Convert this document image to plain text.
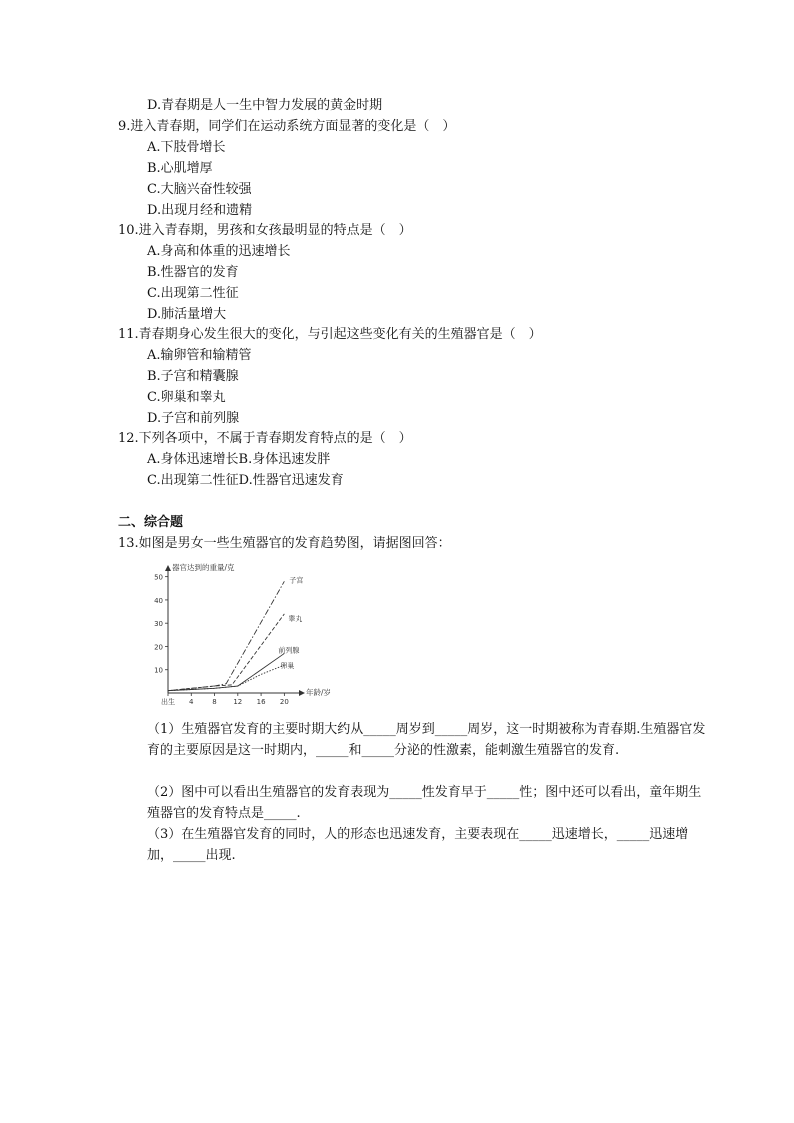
D.青春期是人一生中智力发展的黄金时期
9.进入青春期，同学们在运动系统方面显著的变化是（　）
A.下肢骨增长
B.心肌增厚
C.大脑兴奋性较强
D.出现月经和遗精
10.进入青春期，男孩和女孩最明显的特点是（　）
A.身高和体重的迅速增长
B.性器官的发育
C.出现第二性征
D.肺活量增大
11.青春期身心发生很大的变化，与引起这些变化有关的生殖器官是（　）
A.输卵管和输精管
B.子宫和精囊腺
C.卵巢和睾丸
D.子宫和前列腺
12.下列各项中，不属于青春期发育特点的是（　）
A.身体迅速增长B.身体迅速发胖
C.出现第二性征D.性器官迅速发育
二、综合题
13.如图是男女一些生殖器官的发育趋势图，请据图回答：
10
20
30
40
50
出生 4	8 12 16 20
器官达到的重量/克
年龄/岁
子宫
睾丸
前列腺
卵巢
（1）生殖器官发育的主要时期大约从_____周岁到_____周岁，这一时期被称为青春期.生殖器官发育的主要原因是这一时期内，_____和_____分泌的性激素，能刺激生殖器官的发育.
（2）图中可以看出生殖器官的发育表现为_____性发育早于_____性；图中还可以看出，童年期生殖器官的发育特点是_____.
（3）在生殖器官发育的同时，人的形态也迅速发育，主要表现在_____迅速增长，_____迅速增加，_____出现.
